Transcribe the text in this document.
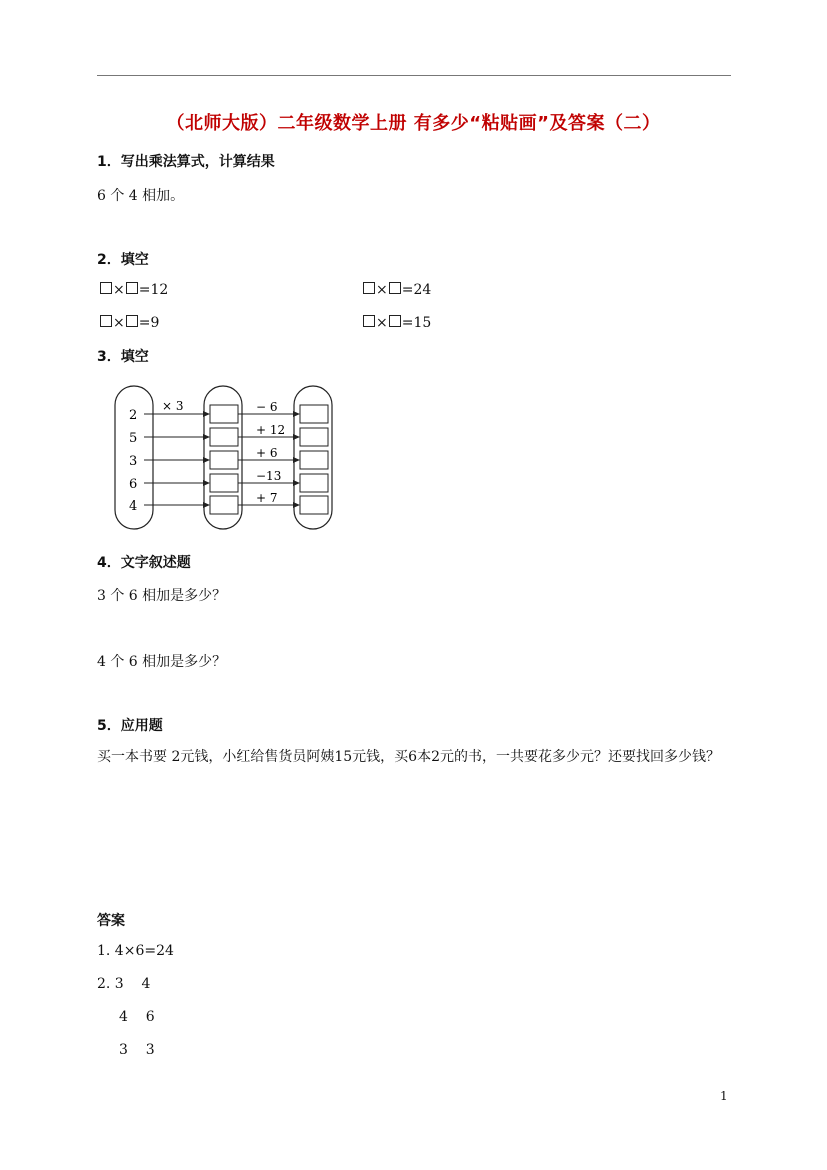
（北师大版）二年级数学上册 有多少“粘贴画”及答案（二）
1．写出乘法算式，计算结果
6 个 4 相加。
2．填空
× =12	× =24
× =9	× =15
3．填空
2
− 6
5
+ 12
3
+ 6
6
−13
4
+ 7
× 3
4．文字叙述题
3 个 6 相加是多少？
4 个 6 相加是多少？
5．应用题
买一本书要 2元钱，小红给售货员阿姨15元钱，买6本2元的书，一共要花多少元？还要找回多少钱？
答案
1. 4×6=24
2. 3    4
4    6
3    3
1
